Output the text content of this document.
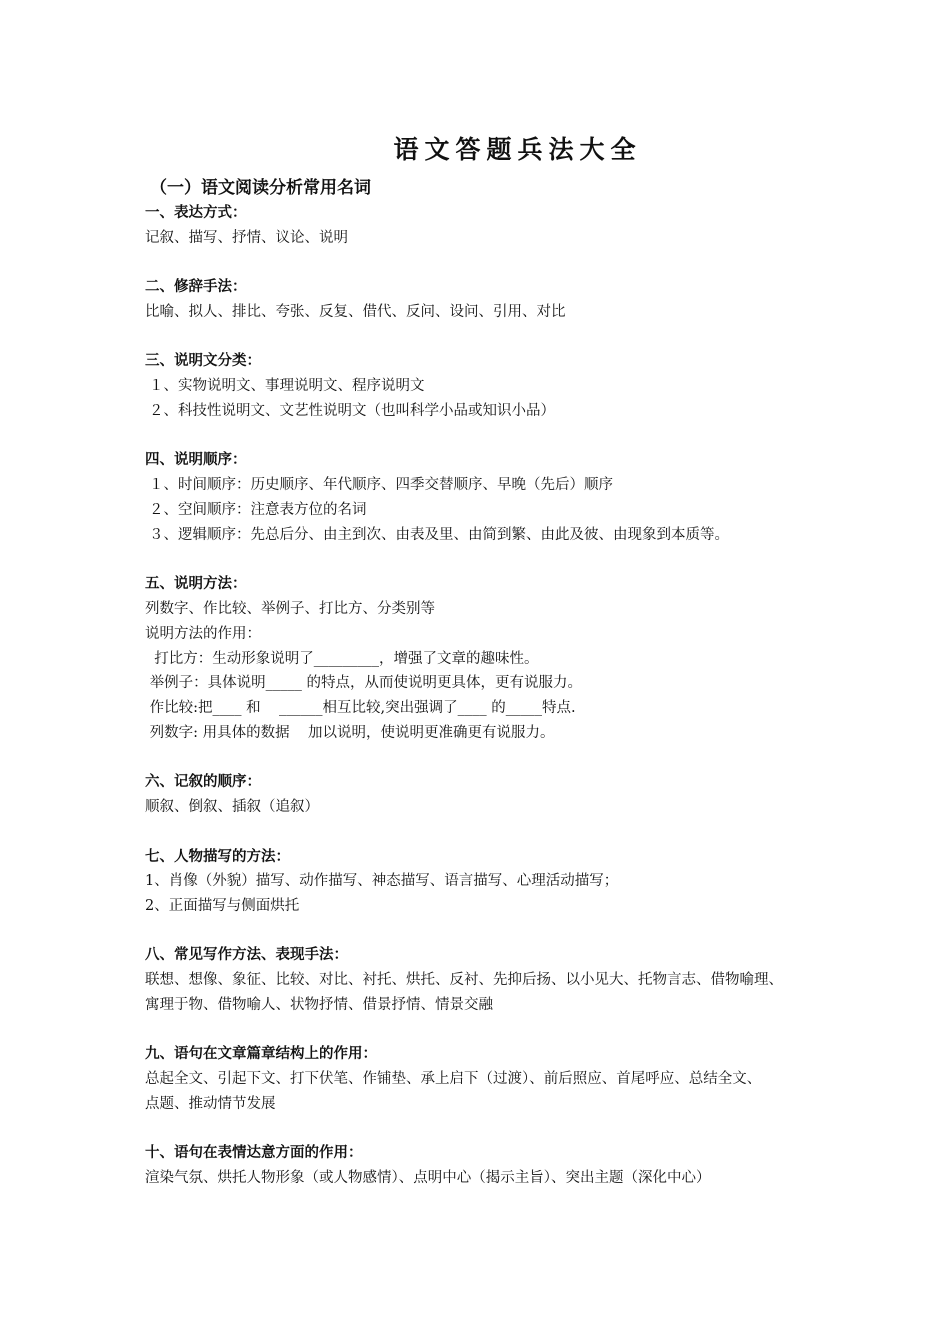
语文答题兵法大全
（一）语文阅读分析常用名词
一、表达方式：
记叙、描写、抒情、议论、说明
二、修辞手法：
比喻、拟人、排比、夸张、反复、借代、反问、设问、引用、对比
三、说明文分类：
１、实物说明文、事理说明文、程序说明文
２、科技性说明文、文艺性说明文（也叫科学小品或知识小品）
四、说明顺序：
１、时间顺序：历史顺序、年代顺序、四季交替顺序、早晚（先后）顺序
２、空间顺序：注意表方位的名词
３、逻辑顺序：先总后分、由主到次、由表及里、由简到繁、由此及彼、由现象到本质等。
五、说明方法：
列数字、作比较、举例子、打比方、分类别等
说明方法的作用：
打比方：生动形象说明了_________，增强了文章的趣味性。
举例子：具体说明_____ 的特点，从而使说明更具体，更有说服力。
作比较:把____ 和    ______相互比较,突出强调了____ 的_____特点.
列数字: 用具体的数据    加以说明，使说明更准确更有说服力。
六、记叙的顺序：
顺叙、倒叙、插叙（追叙）
七、人物描写的方法：
1、肖像（外貌）描写、动作描写、神态描写、语言描写、心理活动描写；
2、正面描写与侧面烘托
八、常见写作方法、表现手法：
联想、想像、象征、比较、对比、衬托、烘托、反衬、先抑后扬、以小见大、托物言志、借物喻理、
寓理于物、借物喻人、状物抒情、借景抒情、情景交融
九、语句在文章篇章结构上的作用：
总起全文、引起下文、打下伏笔、作铺垫、承上启下（过渡）、前后照应、首尾呼应、总结全文、
点题、推动情节发展
十、语句在表情达意方面的作用：
渲染气氛、烘托人物形象（或人物感情）、点明中心（揭示主旨）、突出主题（深化中心）
